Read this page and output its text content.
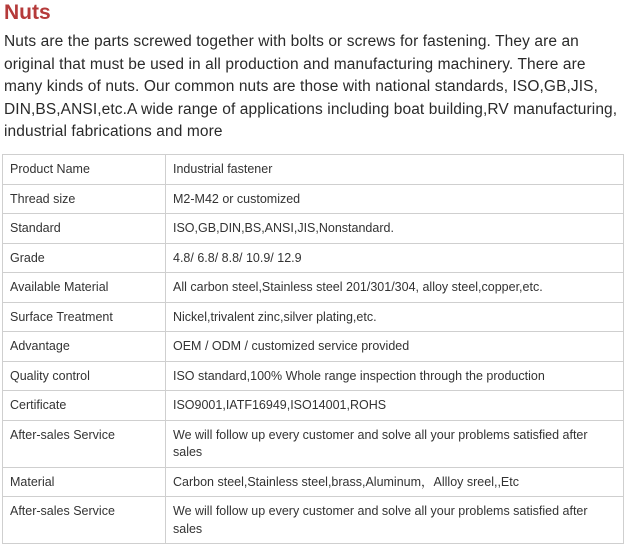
Nuts

Nuts are the parts screwed together with bolts or screws for fastening. They are an original that must be used in all production and manufacturing machinery. There are many kinds of nuts. Our common nuts are those with national standards, ISO,GB,JIS, DIN,BS,ANSI,etc.A wide range of applications including boat building,RV manufacturing, industrial fabrications and more

Product Name	Industrial fastener
Thread size	M2-M42 or customized
Standard	ISO,GB,DIN,BS,ANSI,JIS,Nonstandard.
Grade	4.8/ 6.8/ 8.8/ 10.9/ 12.9
Available Material	All carbon steel,Stainless steel 201/301/304, alloy steel,copper,etc.
Surface Treatment	Nickel,trivalent zinc,silver plating,etc.
Advantage	OEM / ODM / customized service provided
Quality control	ISO standard,100% Whole range inspection through the production
Certificate	ISO9001,IATF16949,ISO14001,ROHS
After-sales Service	We will follow up every customer and solve all your problems satisfied after sales
Material	Carbon steel,Stainless steel,brass,Aluminum，Allloy sreel,,Etc
After-sales Service	We will follow up every customer and solve all your problems satisfied after sales
